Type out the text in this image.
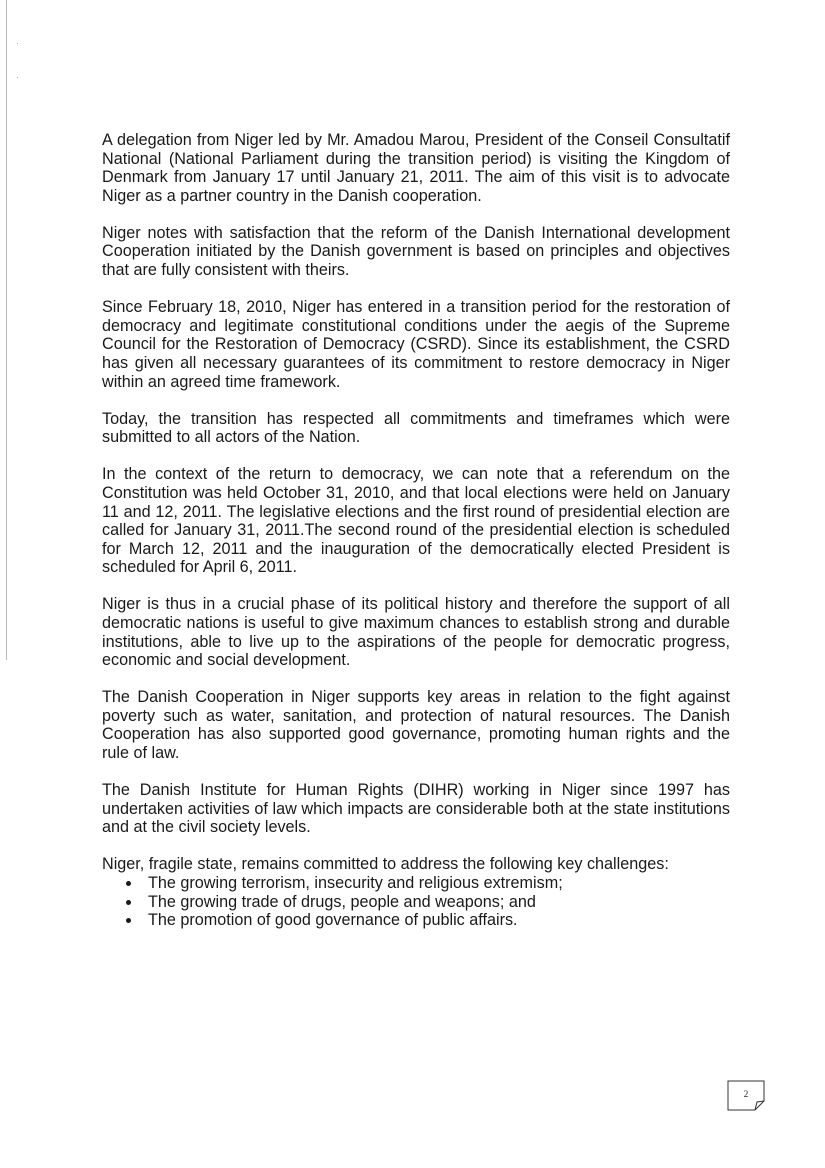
·
·

A delegation from Niger led by Mr. Amadou Marou, President of the Conseil Consultatif National (National Parliament during the transition period) is visiting the Kingdom of Denmark from January 17 until January 21, 2011. The aim of this visit is to advocate Niger as a partner country in the Danish cooperation.

Niger notes with satisfaction that the reform of the Danish International development Cooperation initiated by the Danish government is based on principles and objectives that are fully consistent with theirs.

Since February 18, 2010, Niger has entered in a transition period for the restoration of democracy and legitimate constitutional conditions under the aegis of the Supreme Council for the Restoration of Democracy (CSRD). Since its establishment, the CSRD has given all necessary guarantees of its commitment to restore democracy in Niger within an agreed time framework.

Today, the transition has respected all commitments and timeframes which were submitted to all actors of the Nation.

In the context of the return to democracy, we can note that a referendum on the Constitution was held October 31, 2010, and that local elections were held on January 11 and 12, 2011. The legislative elections and the first round of presidential election are called for January 31, 2011.The second round of the presidential election is scheduled for March 12, 2011 and the inauguration of the democratically elected President is scheduled for April 6, 2011.

Niger is thus in a crucial phase of its political history and therefore the support of all democratic nations is useful to give maximum chances to establish strong and durable institutions, able to live up to the aspirations of the people for democratic progress, economic and social development.

The Danish Cooperation in Niger supports key areas in relation to the fight against poverty such as water, sanitation, and protection of natural resources. The Danish Cooperation has also supported good governance, promoting human rights and the rule of law.

The Danish Institute for Human Rights (DIHR) working in Niger since 1997 has undertaken activities of law which impacts are considerable both at the state institutions and at the civil society levels.

Niger, fragile state, remains committed to address the following key challenges:

The growing terrorism, insecurity and religious extremism;
The growing trade of drugs, people and weapons; and
The promotion of good governance of public affairs.
2
